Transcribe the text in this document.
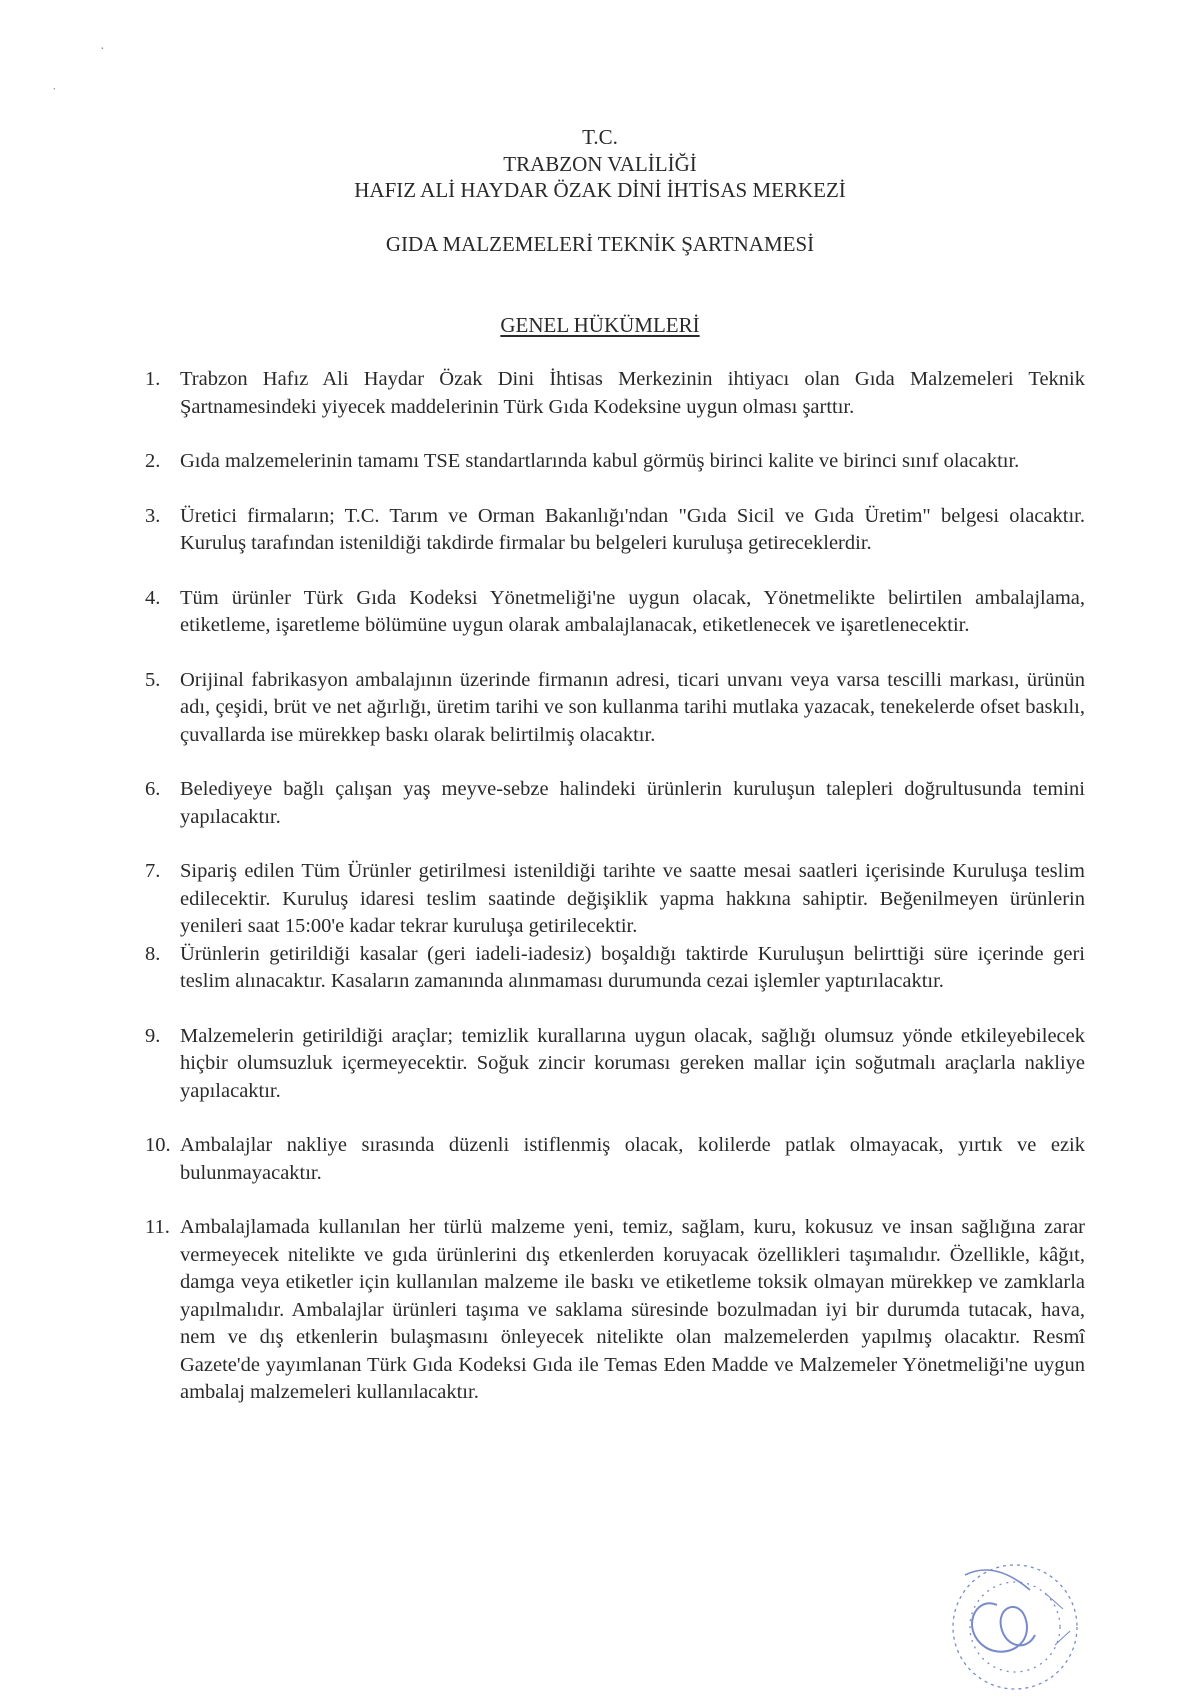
·
˙
T.C.
TRABZON VALİLİĞİ
HAFIZ ALİ HAYDAR ÖZAK DİNİ İHTİSAS MERKEZİ
GIDA MALZEMELERİ TEKNİK ŞARTNAMESİ
GENEL HÜKÜMLERİ
1. Trabzon Hafız Ali Haydar Özak Dini İhtisas Merkezinin ihtiyacı olan Gıda Malzemeleri Teknik Şartnamesindeki yiyecek maddelerinin Türk Gıda Kodeksine uygun olması şarttır.
2. Gıda malzemelerinin tamamı TSE standartlarında kabul görmüş birinci kalite ve birinci sınıf olacaktır.
3. Üretici firmaların; T.C. Tarım ve Orman Bakanlığı'ndan "Gıda Sicil ve Gıda Üretim" belgesi olacaktır. Kuruluş tarafından istenildiği takdirde firmalar bu belgeleri kuruluşa getireceklerdir.
4. Tüm ürünler Türk Gıda Kodeksi Yönetmeliği'ne uygun olacak, Yönetmelikte belirtilen ambalajlama, etiketleme, işaretleme bölümüne uygun olarak ambalajlanacak, etiketlenecek ve işaretlenecektir.
5. Orijinal fabrikasyon ambalajının üzerinde firmanın adresi, ticari unvanı veya varsa tescilli markası, ürünün adı, çeşidi, brüt ve net ağırlığı, üretim tarihi ve son kullanma tarihi mutlaka yazacak, tenekelerde ofset baskılı, çuvallarda ise mürekkep baskı olarak belirtilmiş olacaktır.
6. Belediyeye bağlı çalışan yaş meyve-sebze halindeki ürünlerin kuruluşun talepleri doğrultusunda temini yapılacaktır.
7. Sipariş edilen Tüm Ürünler getirilmesi istenildiği tarihte ve saatte mesai saatleri içerisinde Kuruluşa teslim edilecektir. Kuruluş idaresi teslim saatinde değişiklik yapma hakkına sahiptir. Beğenilmeyen ürünlerin yenileri saat 15:00'e kadar tekrar kuruluşa getirilecektir.
8. Ürünlerin getirildiği kasalar (geri iadeli-iadesiz) boşaldığı taktirde Kuruluşun belirttiği süre içerinde geri teslim alınacaktır. Kasaların zamanında alınmaması durumunda cezai işlemler yaptırılacaktır.
9. Malzemelerin getirildiği araçlar; temizlik kurallarına uygun olacak, sağlığı olumsuz yönde etkileyebilecek hiçbir olumsuzluk içermeyecektir. Soğuk zincir koruması gereken mallar için soğutmalı araçlarla nakliye yapılacaktır.
10. Ambalajlar nakliye sırasında düzenli istiflenmiş olacak, kolilerde patlak olmayacak, yırtık ve ezik bulunmayacaktır.
11. Ambalajlamada kullanılan her türlü malzeme yeni, temiz, sağlam, kuru, kokusuz ve insan sağlığına zarar vermeyecek nitelikte ve gıda ürünlerini dış etkenlerden koruyacak özellikleri taşımalıdır. Özellikle, kâğıt, damga veya etiketler için kullanılan malzeme ile baskı ve etiketleme toksik olmayan mürekkep ve zamklarla yapılmalıdır. Ambalajlar ürünleri taşıma ve saklama süresinde bozulmadan iyi bir durumda tutacak, hava, nem ve dış etkenlerin bulaşmasını önleyecek nitelikte olan malzemelerden yapılmış olacaktır. Resmî Gazete'de yayımlanan Türk Gıda Kodeksi Gıda ile Temas Eden Madde ve Malzemeler Yönetmeliği'ne uygun ambalaj malzemeleri kullanılacaktır.
